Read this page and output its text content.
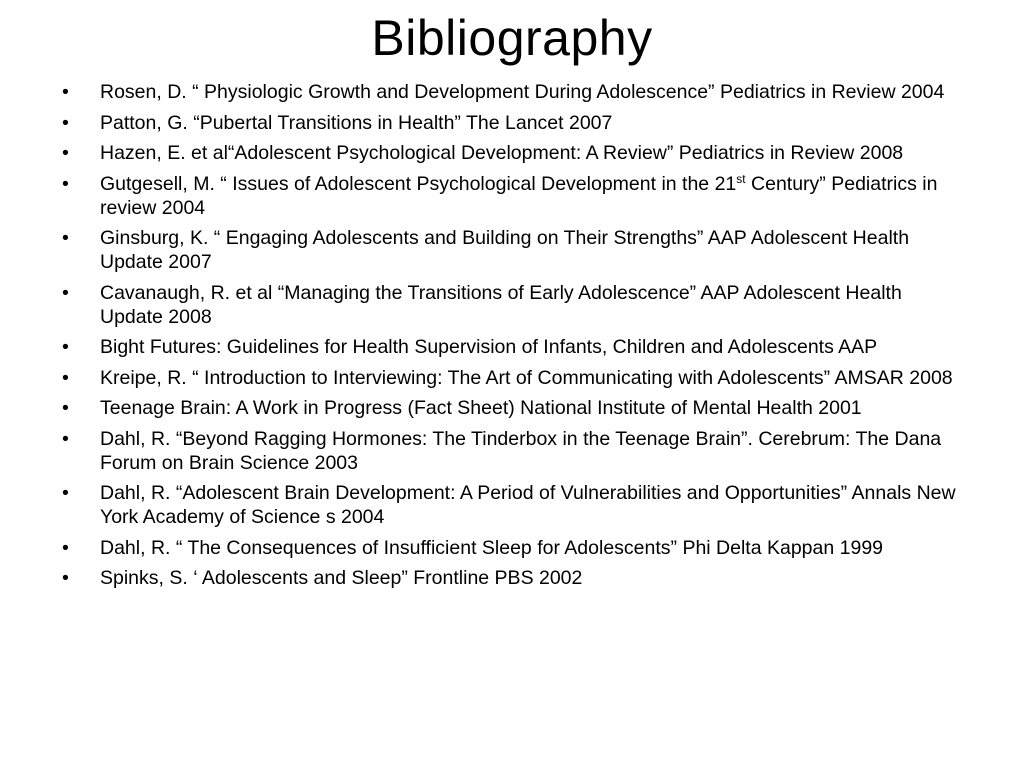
Bibliography
•	Rosen, D. “ Physiologic Growth and Development During Adolescence” Pediatrics in Review 2004
•	Patton, G. “Pubertal Transitions in Health” The Lancet 2007
•	Hazen, E. et al“Adolescent Psychological Development: A Review” Pediatrics in Review 2008
•	Gutgesell, M. “ Issues of Adolescent Psychological Development in the 21st Century” Pediatrics in review 2004
•	Ginsburg, K. “ Engaging Adolescents and Building on Their Strengths” AAP Adolescent Health Update 2007
•	Cavanaugh, R. et al “Managing the Transitions of Early Adolescence” AAP Adolescent Health Update 2008
•	Bight Futures: Guidelines for Health Supervision of Infants, Children and Adolescents AAP
•	Kreipe, R. “ Introduction to Interviewing: The Art of Communicating with Adolescents” AMSAR 2008
•	Teenage Brain: A Work in Progress (Fact Sheet) National Institute of Mental Health 2001
•	Dahl, R. “Beyond Ragging Hormones: The Tinderbox in the Teenage Brain”. Cerebrum: The Dana Forum on Brain Science 2003
•	Dahl, R. “Adolescent Brain Development: A Period of Vulnerabilities and Opportunities” Annals New York Academy of Science s 2004
•	Dahl, R. “ The Consequences of Insufficient Sleep for Adolescents” Phi Delta Kappan 1999
•	Spinks, S. ‘ Adolescents and Sleep” Frontline PBS 2002
